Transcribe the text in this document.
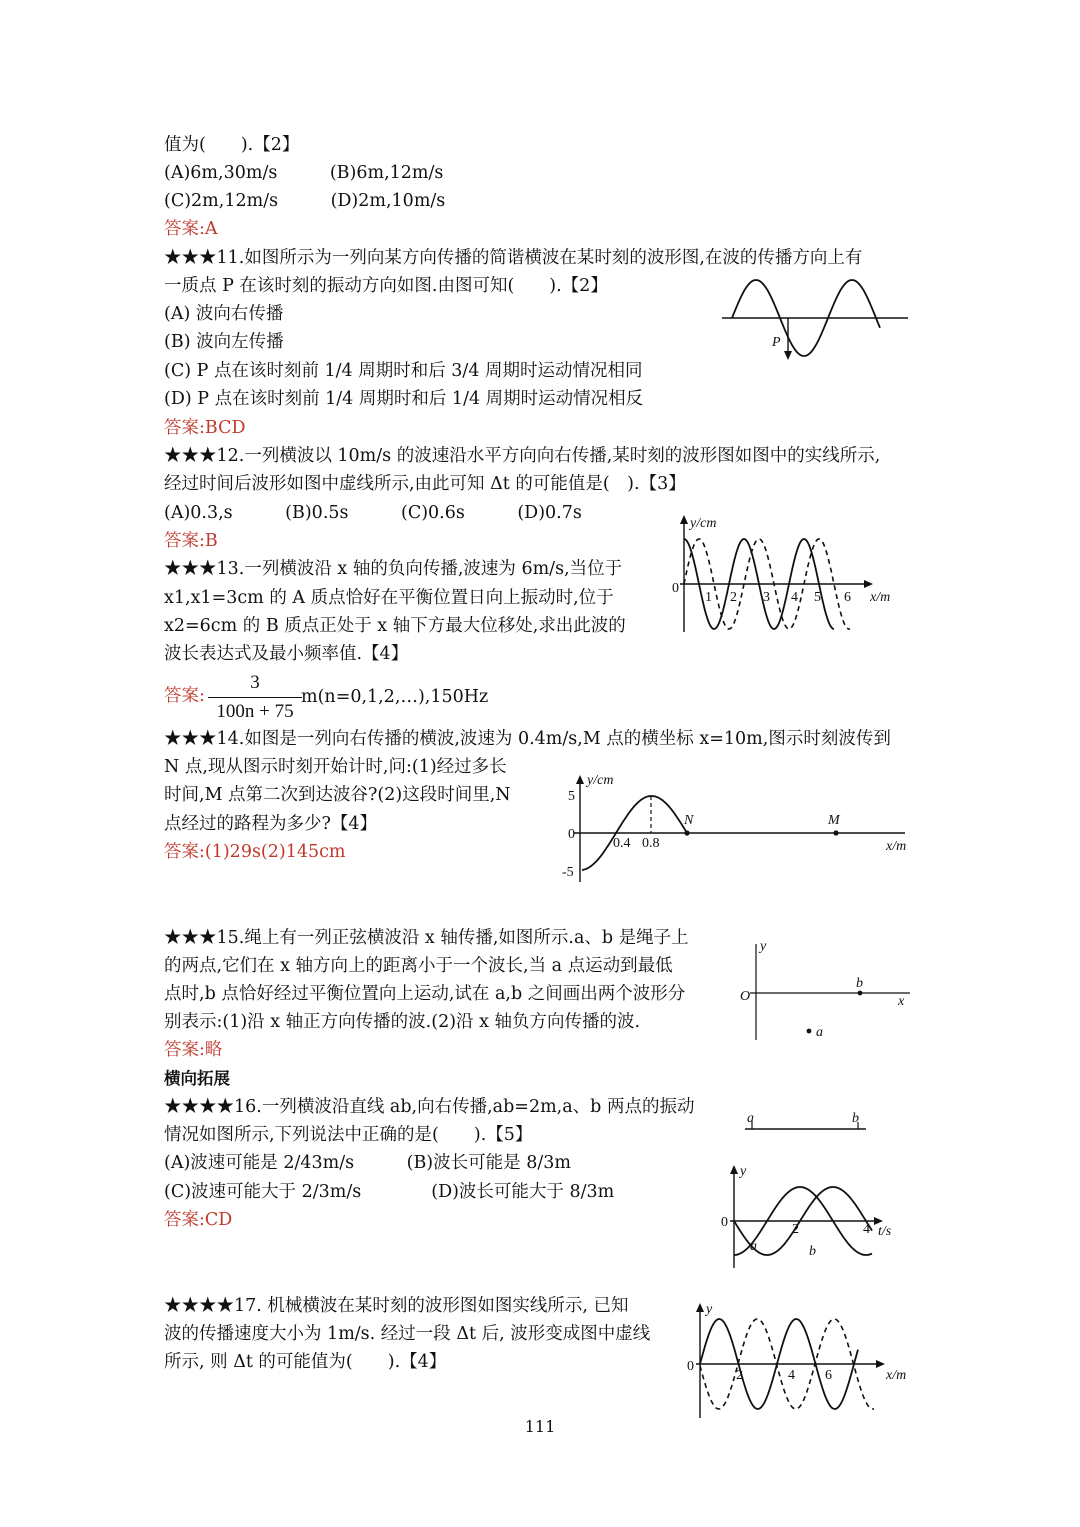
值为(　　).【2】
(A)6m,30m/s　　　(B)6m,12m/s
(C)2m,12m/s　　　(D)2m,10m/s
答案:A
★★★11.如图所示为一列向某方向传播的简谐横波在某时刻的波形图,在波的传播方向上有
一质点 P 在该时刻的振动方向如图.由图可知(　　).【2】
(A) 波向右传播
(B) 波向左传播
(C) P 点在该时刻前 1/4 周期时和后 3/4 周期时运动情况相同
(D) P 点在该时刻前 1/4 周期时和后 1/4 周期时运动情况相反
答案:BCD
★★★12.一列横波以 10m/s 的波速沿水平方向向右传播,某时刻的波形图如图中的实线所示,
经过时间后波形如图中虚线所示,由此可知 Δt 的可能值是(　).【3】
(A)0.3,s　　　(B)0.5s　　　(C)0.6s　　　(D)0.7s
答案:B
★★★13.一列横波沿 x 轴的负向传播,波速为 6m/s,当位于
x1,x1=3cm 的 A 质点恰好在平衡位置日向上振动时,位于
x2=6cm 的 B 质点正处于 x 轴下方最大位移处,求出此波的
波长表达式及最小频率值.【4】
答案:
3
100n + 75
m(n=0,1,2,…),150Hz
★★★14.如图是一列向右传播的横波,波速为 0.4m/s,M 点的横坐标 x=10m,图示时刻波传到
N 点,现从图示时刻开始计时,问:(1)经过多长
时间,M 点第二次到达波谷?(2)这段时间里,N
点经过的路程为多少?【4】
答案:(1)29s(2)145cm
★★★15.绳上有一列正弦横波沿 x 轴传播,如图所示.a、b 是绳子上
的两点,它们在 x 轴方向上的距离小于一个波长,当 a 点运动到最低
点时,b 点恰好经过平衡位置向上运动,试在 a,b 之间画出两个波形分
别表示:(1)沿 x 轴正方向传播的波.(2)沿 x 轴负方向传播的波.
答案:略
横向拓展
★★★★16.一列横波沿直线 ab,向右传播,ab=2m,a、b 两点的振动
情况如图所示,下列说法中正确的是(　　).【5】
(A)波速可能是 2/43m/s　　　(B)波长可能是 8/3m
(C)波速可能大于 2/3m/s　　　　(D)波长可能大于 8/3m
答案:CD
★★★★17. 机械横波在某时刻的波形图如图实线所示, 已知
波的传播速度大小为 1m/s. 经过一段 Δt 后, 波形变成图中虚线
所示, 则 Δt 的可能值为(　　).【4】
P
y/cm
0
1 2 3 4 5 6 x/m
y/cm
5
0
-5
0.4 0.8
N	M
x/m
y
O
b
a
x
a	b
y
0	2	4 t/s
a	b
y
0
2	4 6	x/m
111
